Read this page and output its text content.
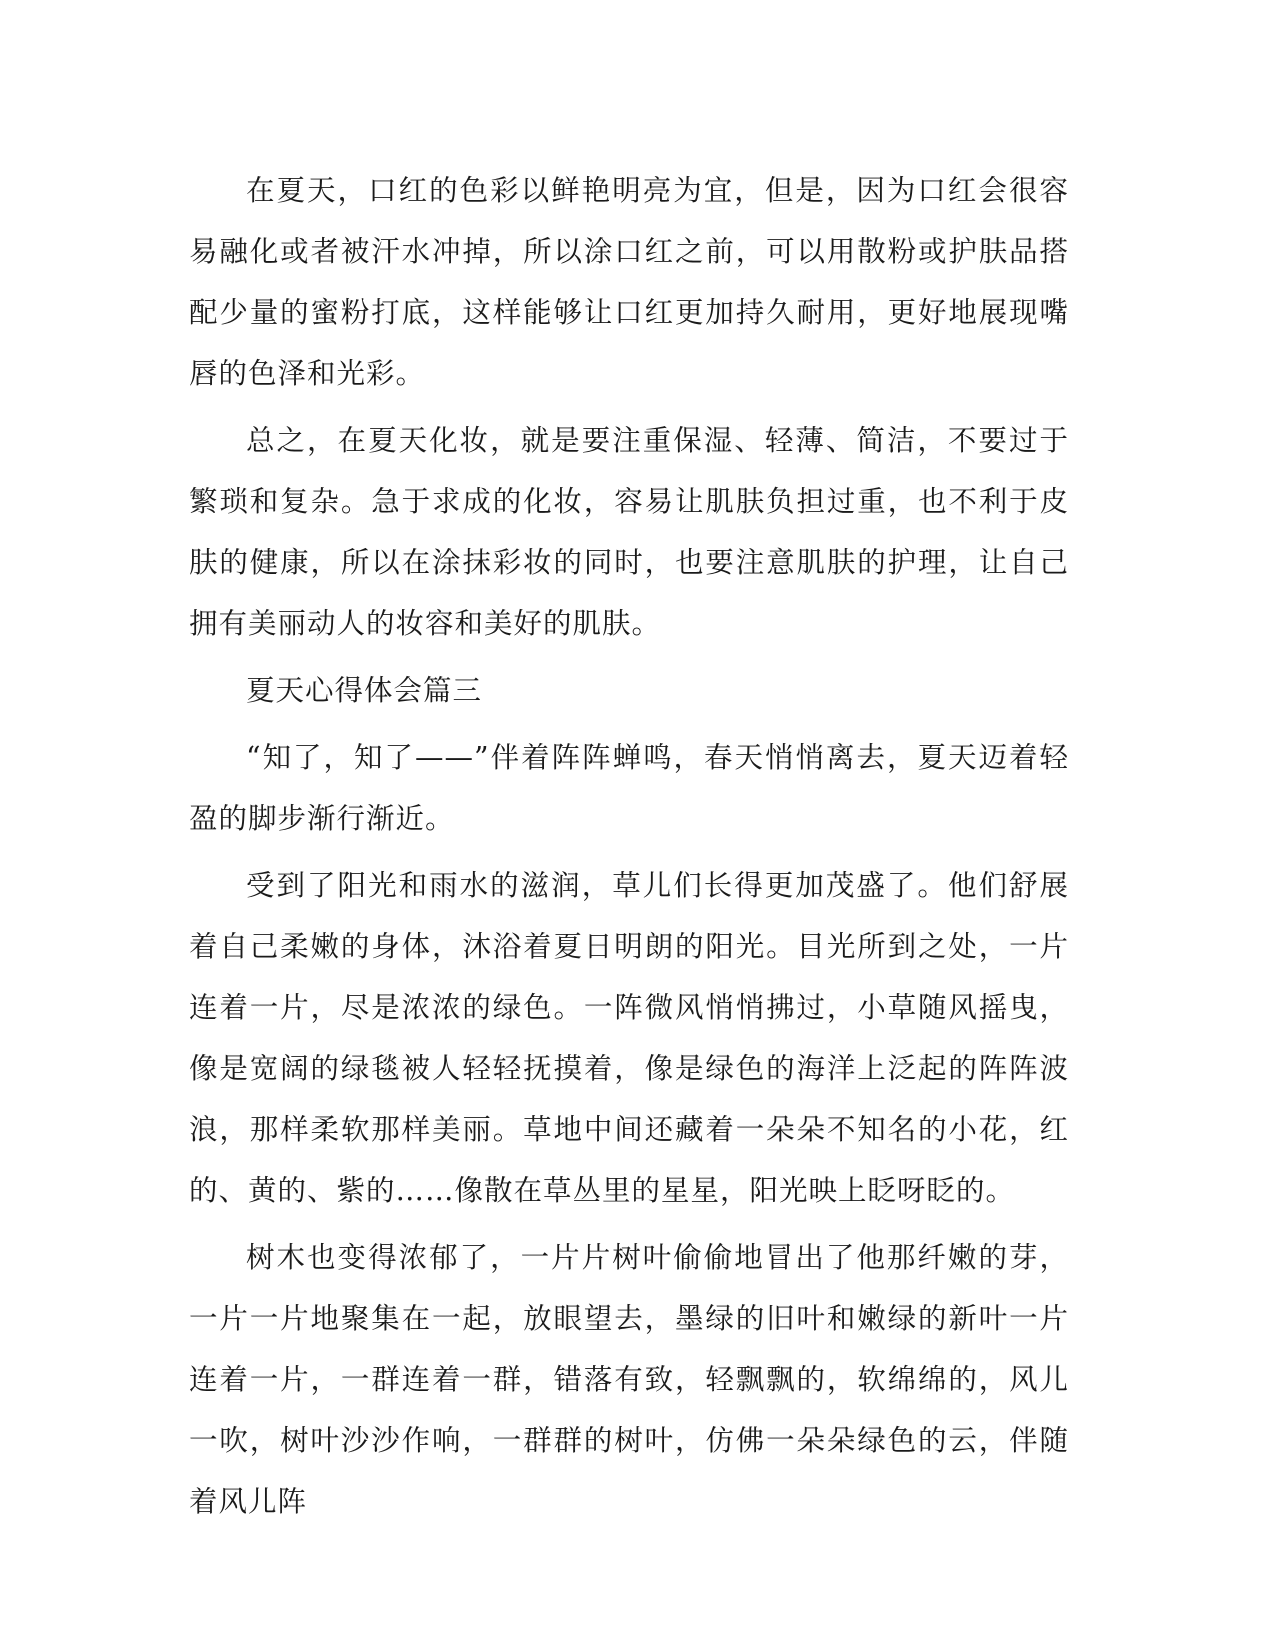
在夏天，口红的色彩以鲜艳明亮为宜，但是，因为口红会很容易融化或者被汗水冲掉，所以涂口红之前，可以用散粉或护肤品搭配少量的蜜粉打底，这样能够让口红更加持久耐用，更好地展现嘴唇的色泽和光彩。

总之，在夏天化妆，就是要注重保湿、轻薄、简洁，不要过于繁琐和复杂。急于求成的化妆，容易让肌肤负担过重，也不利于皮肤的健康，所以在涂抹彩妆的同时，也要注意肌肤的护理，让自己拥有美丽动人的妆容和美好的肌肤。

夏天心得体会篇三

“知了，知了——”伴着阵阵蝉鸣，春天悄悄离去，夏天迈着轻盈的脚步渐行渐近。

受到了阳光和雨水的滋润，草儿们长得更加茂盛了。他们舒展着自己柔嫩的身体，沐浴着夏日明朗的阳光。目光所到之处，一片连着一片，尽是浓浓的绿色。一阵微风悄悄拂过，小草随风摇曳，像是宽阔的绿毯被人轻轻抚摸着，像是绿色的海洋上泛起的阵阵波浪，那样柔软那样美丽。草地中间还藏着一朵朵不知名的小花，红的、黄的、紫的……像散在草丛里的星星，阳光映上眨呀眨的。

树木也变得浓郁了，一片片树叶偷偷地冒出了他那纤嫩的芽，一片一片地聚集在一起，放眼望去，墨绿的旧叶和嫩绿的新叶一片连着一片，一群连着一群，错落有致，轻飘飘的，软绵绵的，风儿一吹，树叶沙沙作响，一群群的树叶，仿佛一朵朵绿色的云，伴随着风儿阵
